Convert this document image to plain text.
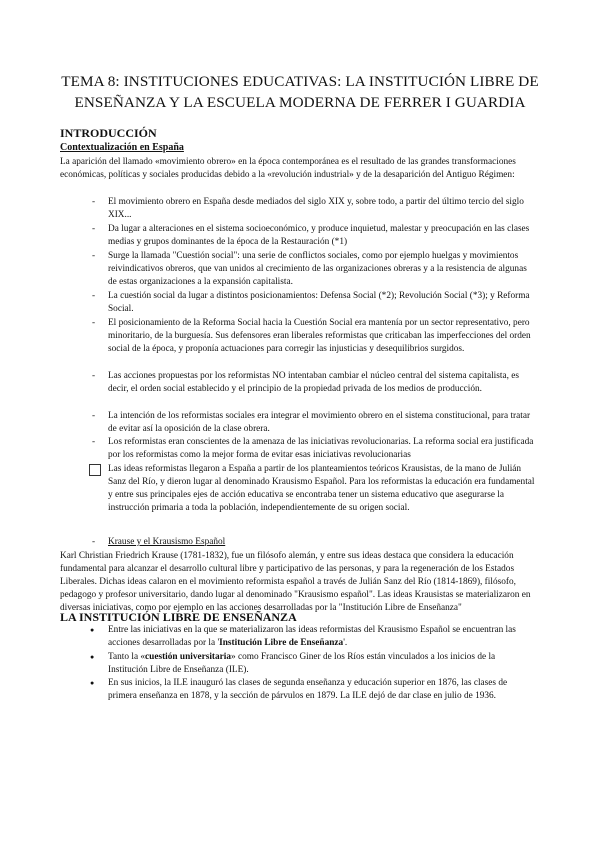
TEMA 8: INSTITUCIONES EDUCATIVAS: LA INSTITUCIÓN LIBRE DE ENSEÑANZA Y LA ESCUELA MODERNA DE FERRER I GUARDIA
INTRODUCCIÓN
Contextualización en España
La aparición del llamado «movimiento obrero» en la época contemporánea es el resultado de las grandes transformaciones económicas, políticas y sociales producidas debido a la «revolución industrial» y de la desaparición del Antiguo Régimen:
- El movimiento obrero en España desde mediados del siglo XIX y, sobre todo, a partir del último tercio del siglo XIX...
- Da lugar a alteraciones en el sistema socioeconómico, y produce inquietud, malestar y preocupación en las clases medias y grupos dominantes de la época de la Restauración (*1)
- Surge la llamada "Cuestión social": una serie de conflictos sociales, como por ejemplo huelgas y movimientos reivindicativos obreros, que van unidos al crecimiento de las organizaciones obreras y a la resistencia de algunas de estas organizaciones a la expansión capitalista.
- La cuestión social da lugar a distintos posicionamientos: Defensa Social (*2); Revolución Social (*3); y Reforma Social.
- El posicionamiento de la Reforma Social hacia la Cuestión Social era mantenía por un sector representativo, pero minoritario, de la burguesía. Sus defensores eran liberales reformistas que criticaban las imperfecciones del orden social de la época, y proponía actuaciones para corregir las injusticias y desequilibrios surgidos.
- Las acciones propuestas por los reformistas NO intentaban cambiar el núcleo central del sistema capitalista, es decir, el orden social establecido y el principio de la propiedad privada de los medios de producción.
- La intención de los reformistas sociales era integrar el movimiento obrero en el sistema constitucional, para tratar de evitar así la oposición de la clase obrera.
- Los reformistas eran conscientes de la amenaza de las iniciativas revolucionarias. La reforma social era justificada por los reformistas como la mejor forma de evitar esas iniciativas revolucionarias
Las ideas reformistas llegaron a España a partir de los planteamientos teóricos Krausistas, de la mano de Julián Sanz del Río, y dieron lugar al denominado Krausismo Español. Para los reformistas la educación era fundamental y entre sus principales ejes de acción educativa se encontraba tener un sistema educativo que asegurarse la instrucción primaria a toda la población, independientemente de su origen social.
- Krause y el Krausismo Español
Karl Christian Friedrich Krause (1781-1832), fue un filósofo alemán, y entre sus ideas destaca que considera la educación fundamental para alcanzar el desarrollo cultural libre y participativo de las personas, y para la regeneración de los Estados Liberales. Dichas ideas calaron en el movimiento reformista español a través de Julián Sanz del Río (1814-1869), filósofo, pedagogo y profesor universitario, dando lugar al denominado "Krausismo español". Las ideas Krausistas se materializaron en diversas iniciativas, como por ejemplo en las acciones desarrolladas por la "Institución Libre de Enseñanza"
LA INSTITUCIÓN LIBRE DE ENSEÑANZA
● Entre las iniciativas en la que se materializaron las ideas reformistas del Krausismo Español se encuentran las acciones desarrolladas por la 'Institución Libre de Enseñanza'.
● Tanto la «cuestión universitaria» como Francisco Giner de los Ríos están vinculados a los inicios de la Institución Libre de Enseñanza (ILE).
● En sus inicios, la ILE inauguró las clases de segunda enseñanza y educación superior en 1876, las clases de primera enseñanza en 1878, y la sección de párvulos en 1879. La ILE dejó de dar clase en julio de 1936.
